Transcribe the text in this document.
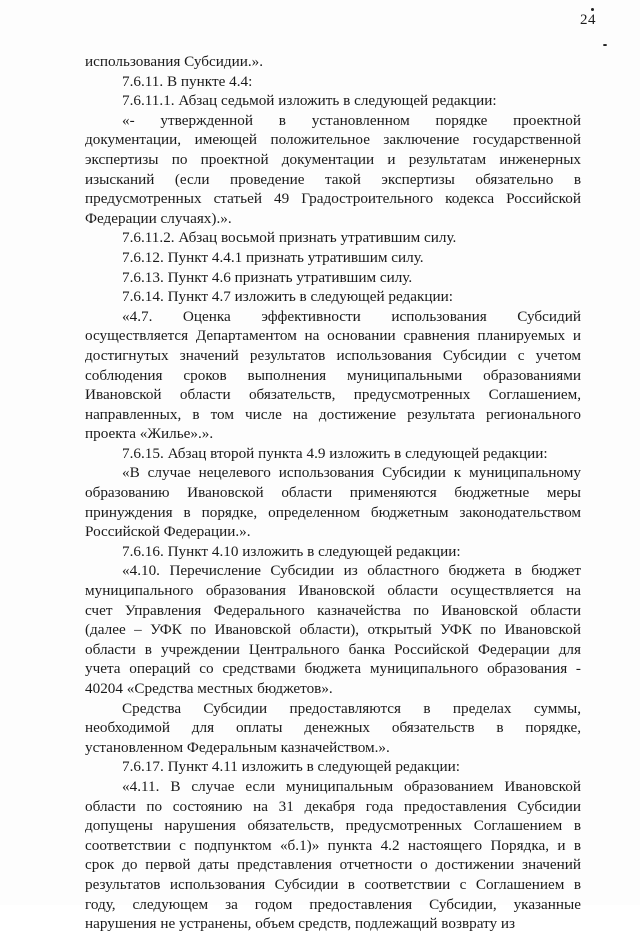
24
использования Субсидии.».
7.6.11. В пункте 4.4:
7.6.11.1. Абзац седьмой изложить в следующей редакции:
«- утвержденной в установленном порядке проектной
документации, имеющей положительное заключение государственной
экспертизы по проектной документации и результатам инженерных
изысканий (если проведение такой экспертизы обязательно в
предусмотренных статьей 49 Градостроительного кодекса Российской
Федерации случаях).».
7.6.11.2. Абзац восьмой признать утратившим силу.
7.6.12. Пункт 4.4.1 признать утратившим силу.
7.6.13. Пункт 4.6 признать утратившим силу.
7.6.14. Пункт 4.7 изложить в следующей редакции:
«4.7. Оценка эффективности использования Субсидий
осуществляется Департаментом на основании сравнения планируемых и
достигнутых значений результатов использования Субсидии с учетом
соблюдения сроков выполнения муниципальными образованиями
Ивановской области обязательств, предусмотренных Соглашением,
направленных, в том числе на достижение результата регионального
проекта «Жилье».».
7.6.15. Абзац второй пункта 4.9 изложить в следующей редакции:
«В случае нецелевого использования Субсидии к муниципальному
образованию Ивановской области применяются бюджетные меры
принуждения в порядке, определенном бюджетным законодательством
Российской Федерации.».
7.6.16. Пункт 4.10 изложить в следующей редакции:
«4.10. Перечисление Субсидии из областного бюджета в бюджет
муниципального образования Ивановской области осуществляется на
счет Управления Федерального казначейства по Ивановской области
(далее – УФК по Ивановской области), открытый УФК по Ивановской
области в учреждении Центрального банка Российской Федерации для
учета операций со средствами бюджета муниципального образования -
40204 «Средства местных бюджетов».
Средства Субсидии предоставляются в пределах суммы,
необходимой для оплаты денежных обязательств в порядке,
установленном Федеральным казначейством.».
7.6.17. Пункт 4.11 изложить в следующей редакции:
«4.11. В случае если муниципальным образованием Ивановской
области по состоянию на 31 декабря года предоставления Субсидии
допущены нарушения обязательств, предусмотренных Соглашением в
соответствии с подпунктом «б.1)» пункта 4.2 настоящего Порядка, и в
срок до первой даты представления отчетности о достижении значений
результатов использования Субсидии в соответствии с Соглашением в
году, следующем за годом предоставления Субсидии, указанные
нарушения не устранены, объем средств, подлежащий возврату из
